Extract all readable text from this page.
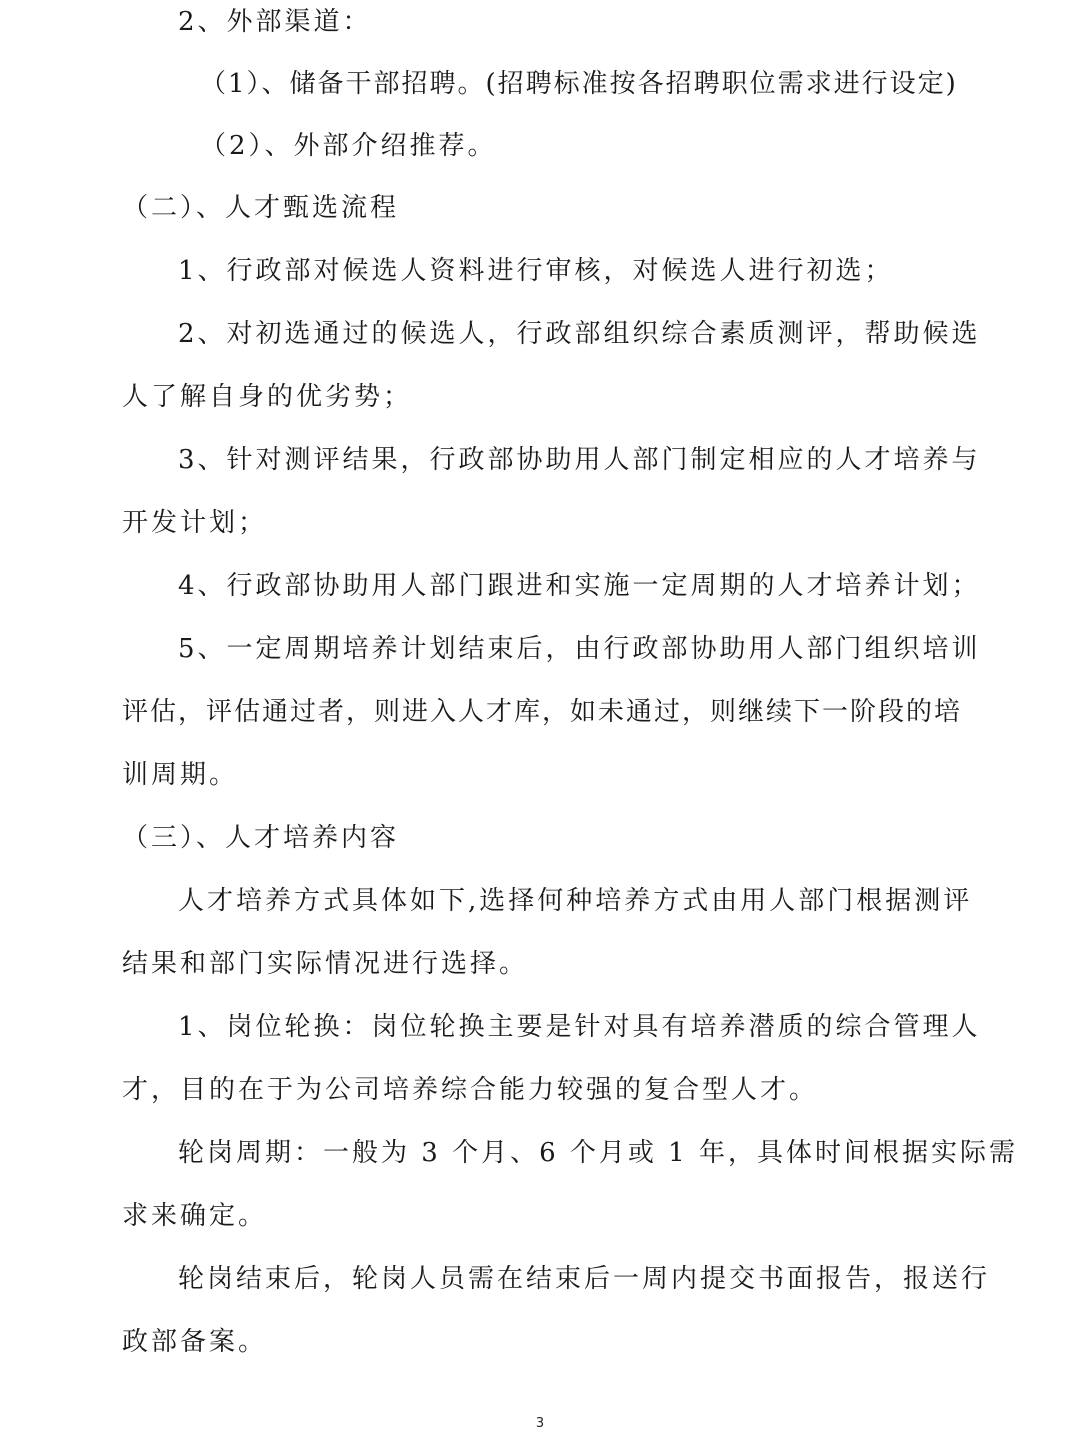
2、外部渠道：

（1）、储备干部招聘。(招聘标准按各招聘职位需求进行设定)

（2）、外部介绍推荐。

（二）、人才甄选流程

1、行政部对候选人资料进行审核，对候选人进行初选；

2、对初选通过的候选人，行政部组织综合素质测评，帮助候选

人了解自身的优劣势；

3、针对测评结果，行政部协助用人部门制定相应的人才培养与

开发计划；

4、行政部协助用人部门跟进和实施一定周期的人才培养计划；

5、一定周期培养计划结束后，由行政部协助用人部门组织培训

评估，评估通过者，则进入人才库，如未通过，则继续下一阶段的培

训周期。

（三）、人才培养内容

人才培养方式具体如下,选择何种培养方式由用人部门根据测评

结果和部门实际情况进行选择。

1、岗位轮换：岗位轮换主要是针对具有培养潜质的综合管理人

才，目的在于为公司培养综合能力较强的复合型人才。

轮岗周期：一般为 3 个月、6 个月或 1 年，具体时间根据实际需

求来确定。

轮岗结束后，轮岗人员需在结束后一周内提交书面报告，报送行

政部备案。

3
